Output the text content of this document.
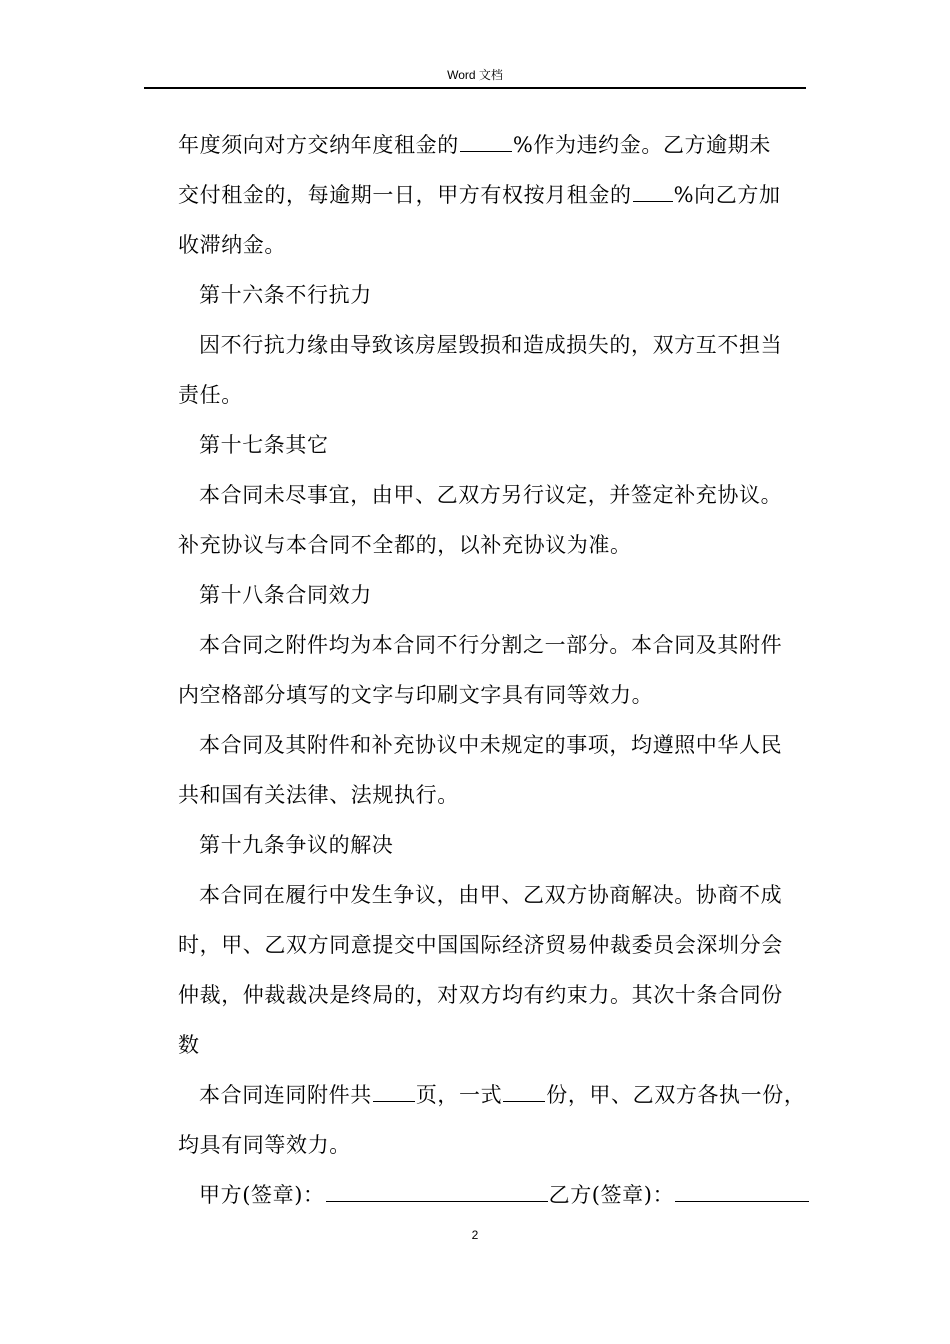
Word 文档
年度须向对方交纳年度租金的	%作为违约金。乙方逾期未
交付租金的，每逾期一日，甲方有权按月租金的 %向乙方加
收滞纳金。
第十六条不行抗力
因不行抗力缘由导致该房屋毁损和造成损失的，双方互不担当
责任。
第十七条其它
本合同未尽事宜，由甲、乙双方另行议定，并签定补充协议。
补充协议与本合同不全都的，以补充协议为准。
第十八条合同效力
本合同之附件均为本合同不行分割之一部分。本合同及其附件
内空格部分填写的文字与印刷文字具有同等效力。
本合同及其附件和补充协议中未规定的事项，均遵照中华人民
共和国有关法律、法规执行。
第十九条争议的解决
本合同在履行中发生争议，由甲、乙双方协商解决。协商不成
时，甲、乙双方同意提交中国国际经济贸易仲裁委员会深圳分会
仲裁，仲裁裁决是终局的，对双方均有约束力。其次十条合同份
数
本合同连同附件共 页，一式 份，甲、乙双方各执一份，
均具有同等效力。
甲方(签章)：	乙方(签章)：
2
